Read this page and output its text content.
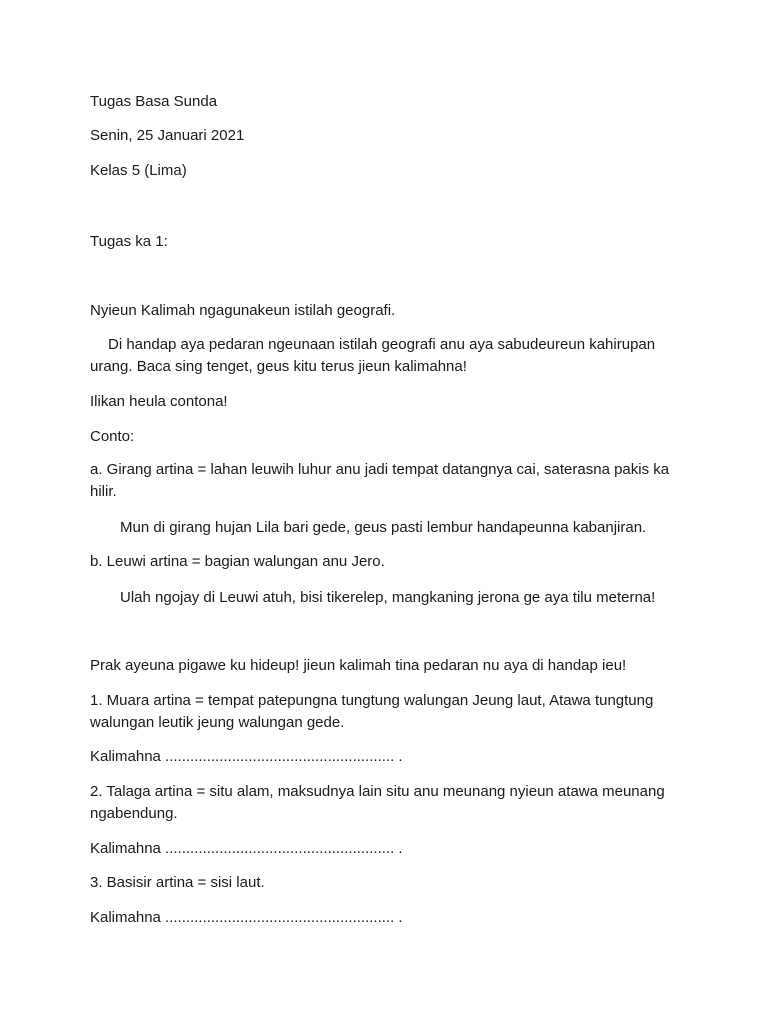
Tugas Basa Sunda
Senin, 25 Januari 2021
Kelas 5 (Lima)
Tugas ka 1:
Nyieun Kalimah ngagunakeun istilah geografi.
Di handap aya pedaran ngeunaan istilah geografi anu aya sabudeureun kahirupan urang. Baca sing tenget, geus kitu terus jieun kalimahna!
Ilikan heula contona!
Conto:
a. Girang artina = lahan leuwih luhur anu jadi tempat datangnya cai, saterasna pakis ka hilir.
Mun di girang hujan Lila bari gede, geus pasti lembur handapeunna kabanjiran.
b. Leuwi artina = bagian walungan anu Jero.
Ulah ngojay di Leuwi atuh, bisi tikerelep, mangkaning jerona ge aya tilu meterna!
Prak ayeuna pigawe ku hideup! jieun kalimah tina pedaran nu aya di handap ieu!
1. Muara artina = tempat patepungna tungtung walungan Jeung laut, Atawa tungtung walungan leutik jeung walungan gede.
Kalimahna ....................................................... .
2. Talaga artina = situ alam, maksudnya lain situ anu meunang nyieun atawa meunang ngabendung.
Kalimahna ....................................................... .
3. Basisir artina = sisi laut.
Kalimahna ....................................................... .
